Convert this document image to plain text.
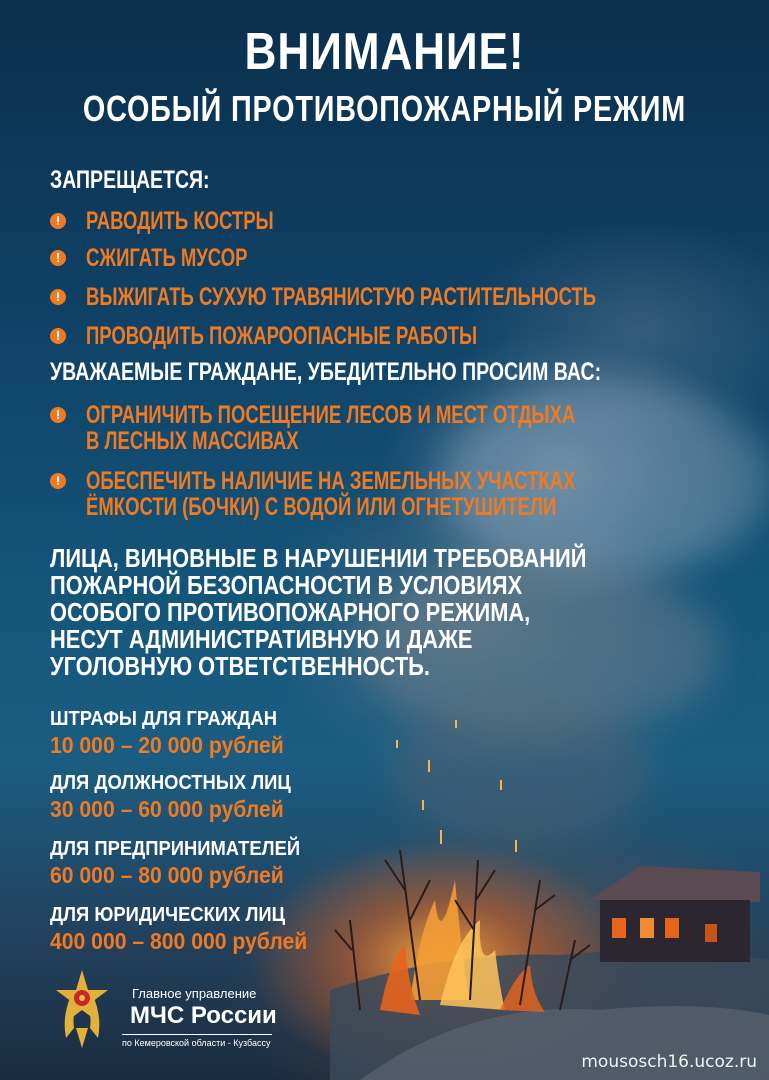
ВНИМАНИЕ!
ОСОБЫЙ ПРОТИВОПОЖАРНЫЙ РЕЖИМ
ЗАПРЕЩАЕТСЯ:
!
РАВОДИТЬ КОСТРЫ
!
СЖИГАТЬ МУСОР
!
ВЫЖИГАТЬ СУХУЮ ТРАВЯНИСТУЮ РАСТИТЕЛЬНОСТЬ
!
ПРОВОДИТЬ ПОЖАРООПАСНЫЕ РАБОТЫ
УВАЖАЕМЫЕ ГРАЖДАНЕ, УБЕДИТЕЛЬНО ПРОСИМ ВАС:
!
ОГРАНИЧИТЬ ПОСЕЩЕНИЕ ЛЕСОВ И МЕСТ ОТДЫХА
В ЛЕСНЫХ МАССИВАХ
!
ОБЕСПЕЧИТЬ НАЛИЧИЕ НА ЗЕМЕЛЬНЫХ УЧАСТКАХ
ЁМКОСТИ (БОЧКИ) С ВОДОЙ ИЛИ ОГНЕТУШИТЕЛИ
ЛИЦА, ВИНОВНЫЕ В НАРУШЕНИИ ТРЕБОВАНИЙ
ПОЖАРНОЙ БЕЗОПАСНОСТИ В УСЛОВИЯХ
ОСОБОГО ПРОТИВОПОЖАРНОГО РЕЖИМА,
НЕСУТ АДМИНИСТРАТИВНУЮ И ДАЖЕ
УГОЛОВНУЮ ОТВЕТСТВЕННОСТЬ.

ШТРАФЫ ДЛЯ ГРАЖДАН

10 000 – 20 000 рублей

ДЛЯ ДОЛЖНОСТНЫХ ЛИЦ

30 000 – 60 000 рублей

ДЛЯ ПРЕДПРИНИМАТЕЛЕЙ

60 000 – 80 000 рублей

ДЛЯ ЮРИДИЧЕСКИХ ЛИЦ

400 000 – 800 000 рублей

Главное управление

МЧС России

по Кемеровской области - Кузбассу

mousosch16.ucoz.ru
